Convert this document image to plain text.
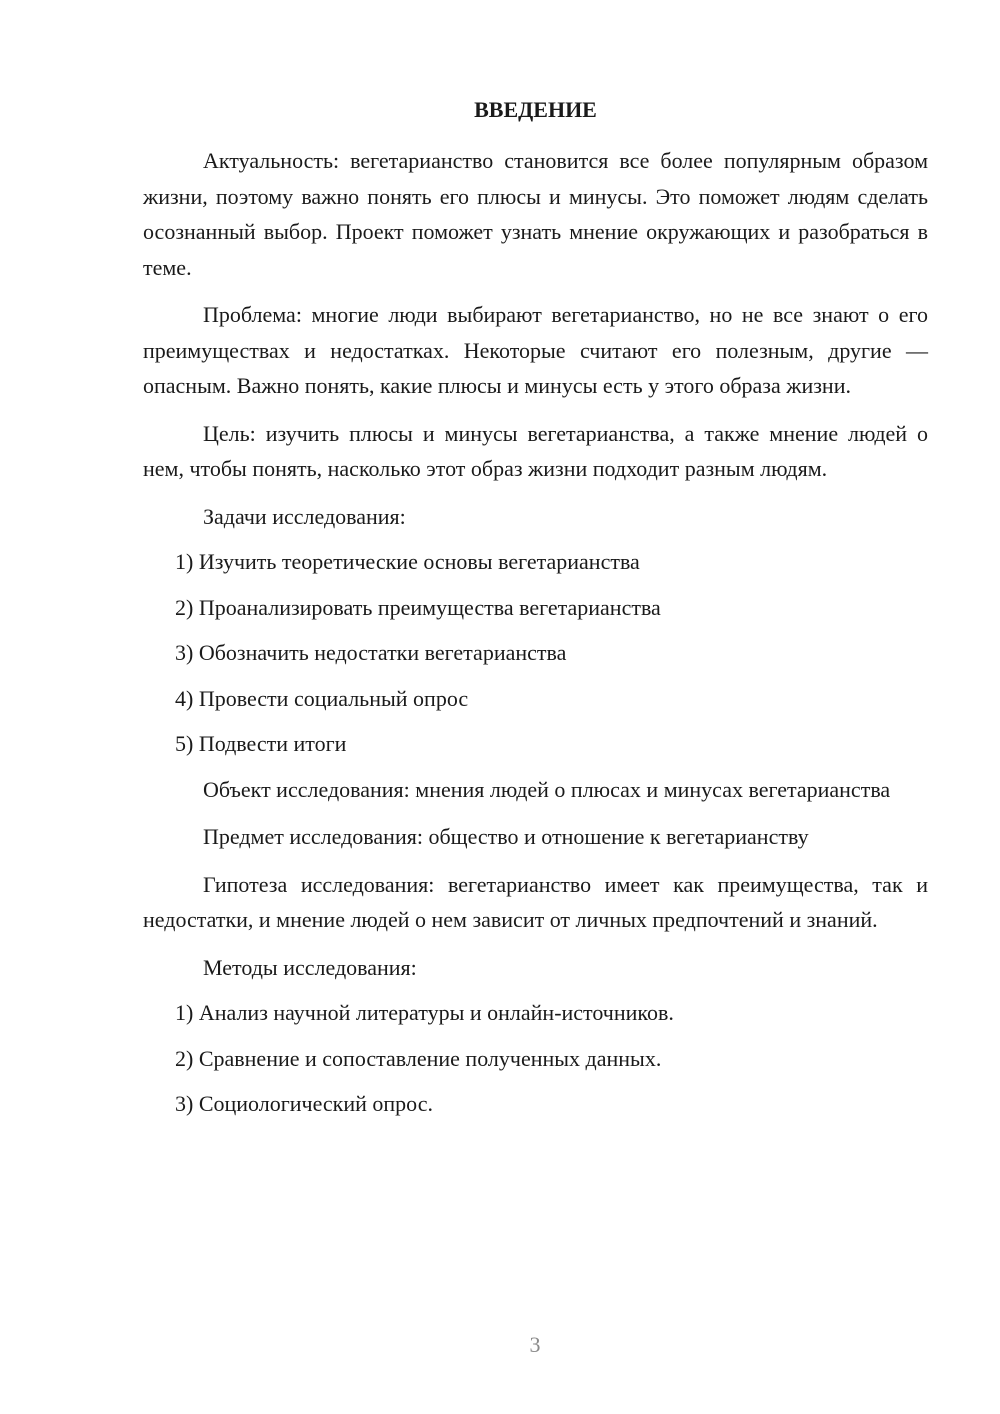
ВВЕДЕНИЕ

Актуальность: вегетарианство становится все более популярным образом жизни, поэтому важно понять его плюсы и минусы. Это поможет людям сделать осознанный выбор. Проект поможет узнать мнение окружающих и разобраться в теме.

Проблема: многие люди выбирают вегетарианство, но не все знают о его преимуществах и недостатках. Некоторые считают его полезным, другие — опасным. Важно понять, какие плюсы и минусы есть у этого образа жизни.

Цель: изучить плюсы и минусы вегетарианства, а также мнение людей о нем, чтобы понять, насколько этот образ жизни подходит разным людям.

Задачи исследования:

1) Изучить теоретические основы вегетарианства

2) Проанализировать преимущества вегетарианства

3) Обозначить недостатки вегетарианства

4) Провести социальный опрос

5) Подвести итоги

Объект исследования: мнения людей о плюсах и минусах вегетарианства

Предмет исследования: общество и отношение к вегетарианству

Гипотеза исследования: вегетарианство имеет как преимущества, так и недостатки, и мнение людей о нем зависит от личных предпочтений и знаний.

Методы исследования:

1) Анализ научной литературы и онлайн-источников.

2) Сравнение и сопоставление полученных данных.

3) Социологический опрос.

3
